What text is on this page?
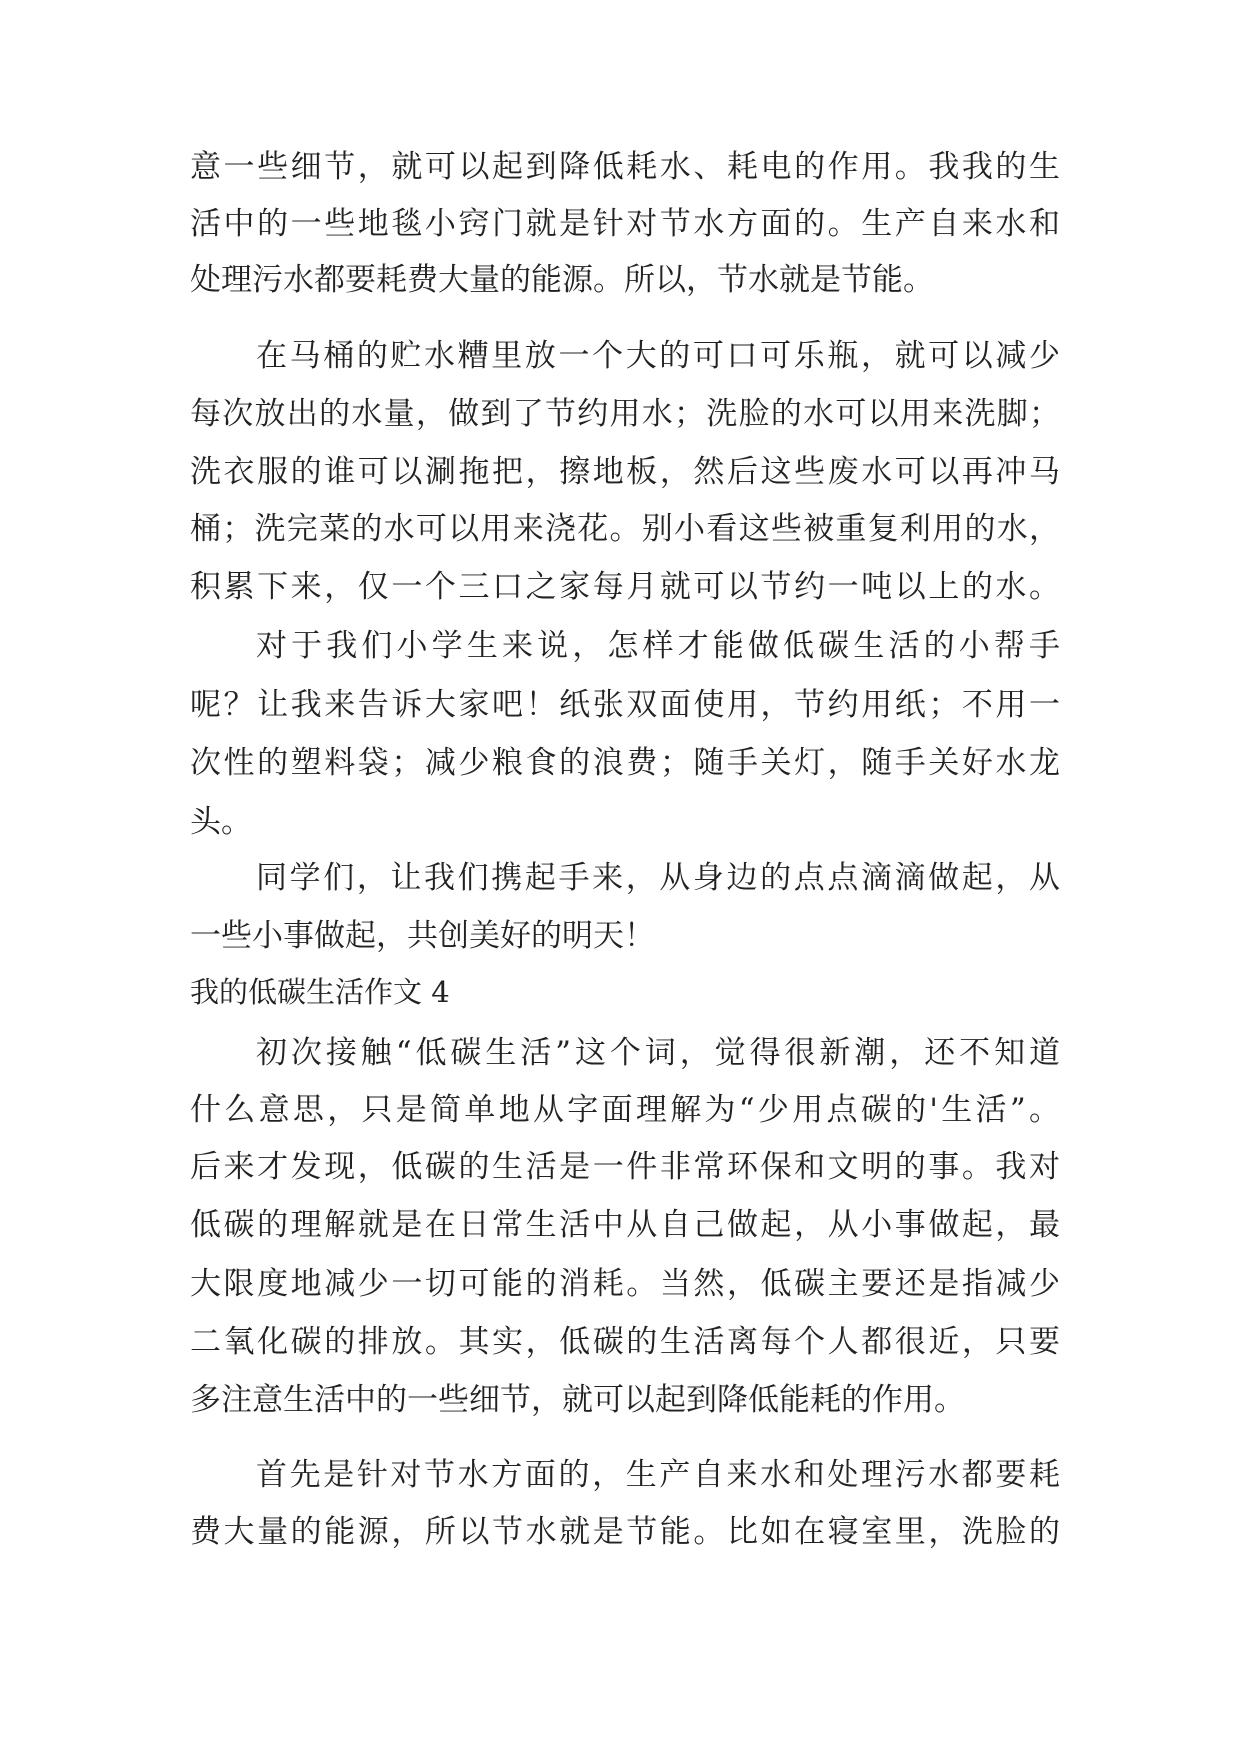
意一些细节，就可以起到降低耗水、耗电的作用。我我的生
活中的一些地毯小窍门就是针对节水方面的。生产自来水和
处理污水都要耗费大量的能源。所以，节水就是节能。
在马桶的贮水糟里放一个大的可口可乐瓶，就可以减少
每次放出的水量，做到了节约用水；洗脸的水可以用来洗脚；
洗衣服的谁可以涮拖把，擦地板，然后这些废水可以再冲马
桶；洗完菜的水可以用来浇花。别小看这些被重复利用的水，
积累下来，仅一个三口之家每月就可以节约一吨以上的水。
对于我们小学生来说，怎样才能做低碳生活的小帮手
呢？让我来告诉大家吧！纸张双面使用，节约用纸；不用一
次性的塑料袋；减少粮食的浪费；随手关灯，随手关好水龙
头。
同学们，让我们携起手来，从身边的点点滴滴做起，从
一些小事做起，共创美好的明天！
我的低碳生活作文 4
初次接触“低碳生活”这个词，觉得很新潮，还不知道
什么意思，只是简单地从字面理解为“少用点碳的'生活”。
后来才发现，低碳的生活是一件非常环保和文明的事。我对
低碳的理解就是在日常生活中从自己做起，从小事做起，最
大限度地减少一切可能的消耗。当然，低碳主要还是指减少
二氧化碳的排放。其实，低碳的生活离每个人都很近，只要
多注意生活中的一些细节，就可以起到降低能耗的作用。
首先是针对节水方面的，生产自来水和处理污水都要耗
费大量的能源，所以节水就是节能。比如在寝室里，洗脸的
